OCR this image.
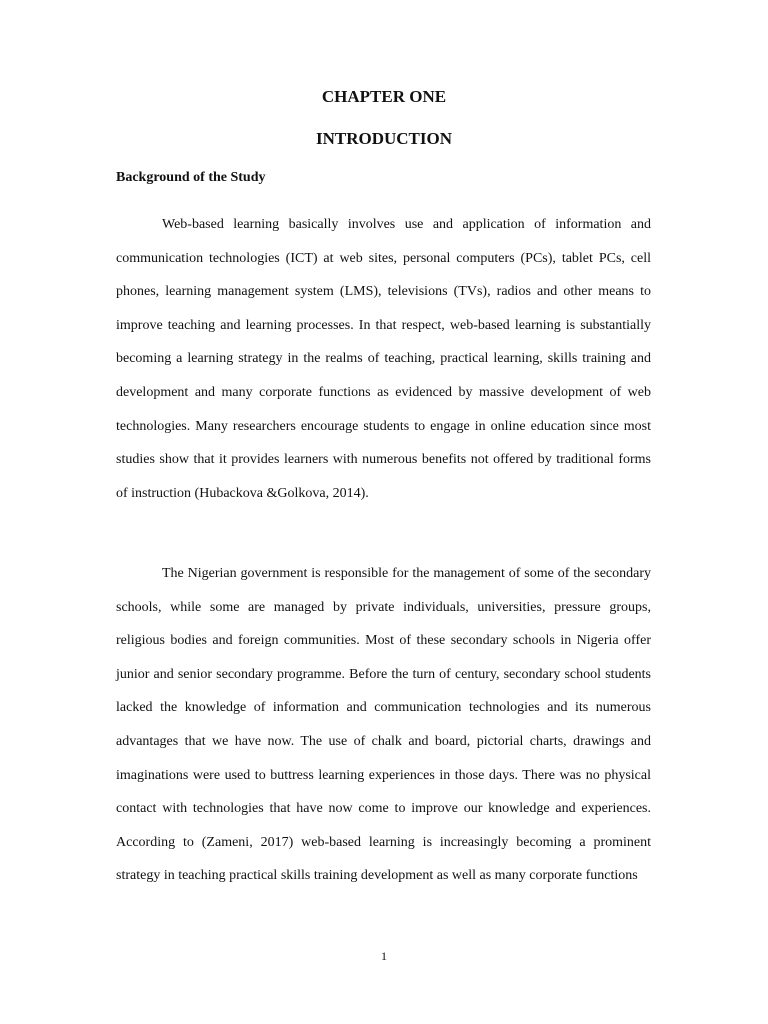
CHAPTER ONE
INTRODUCTION
Background of the Study

Web-based learning basically involves use and application of information and communication technologies (ICT) at web sites, personal computers (PCs), tablet PCs, cell phones, learning management system (LMS), televisions (TVs), radios and other means to improve teaching and learning processes. In that respect, web-based learning is substantially becoming a learning strategy in the realms of teaching, practical learning, skills training and development and many corporate functions as evidenced by massive development of web technologies. Many researchers encourage students to engage in online education since most studies show that it provides learners with numerous benefits not offered by traditional forms of instruction (Hubackova &Golkova, 2014).

The Nigerian government is responsible for the management of some of the secondary schools, while some are managed by private individuals, universities, pressure groups, religious bodies and foreign communities. Most of these secondary schools in Nigeria offer junior and senior secondary programme. Before the turn of century, secondary school students lacked the knowledge of information and communication technologies and its numerous advantages that we have now. The use of chalk and board, pictorial charts, drawings and imaginations were used to buttress learning experiences in those days. There was no physical contact with technologies that have now come to improve our knowledge and experiences. According to (Zameni, 2017) web-based learning is increasingly becoming a prominent strategy in teaching practical skills training development as well as many corporate functions

1
